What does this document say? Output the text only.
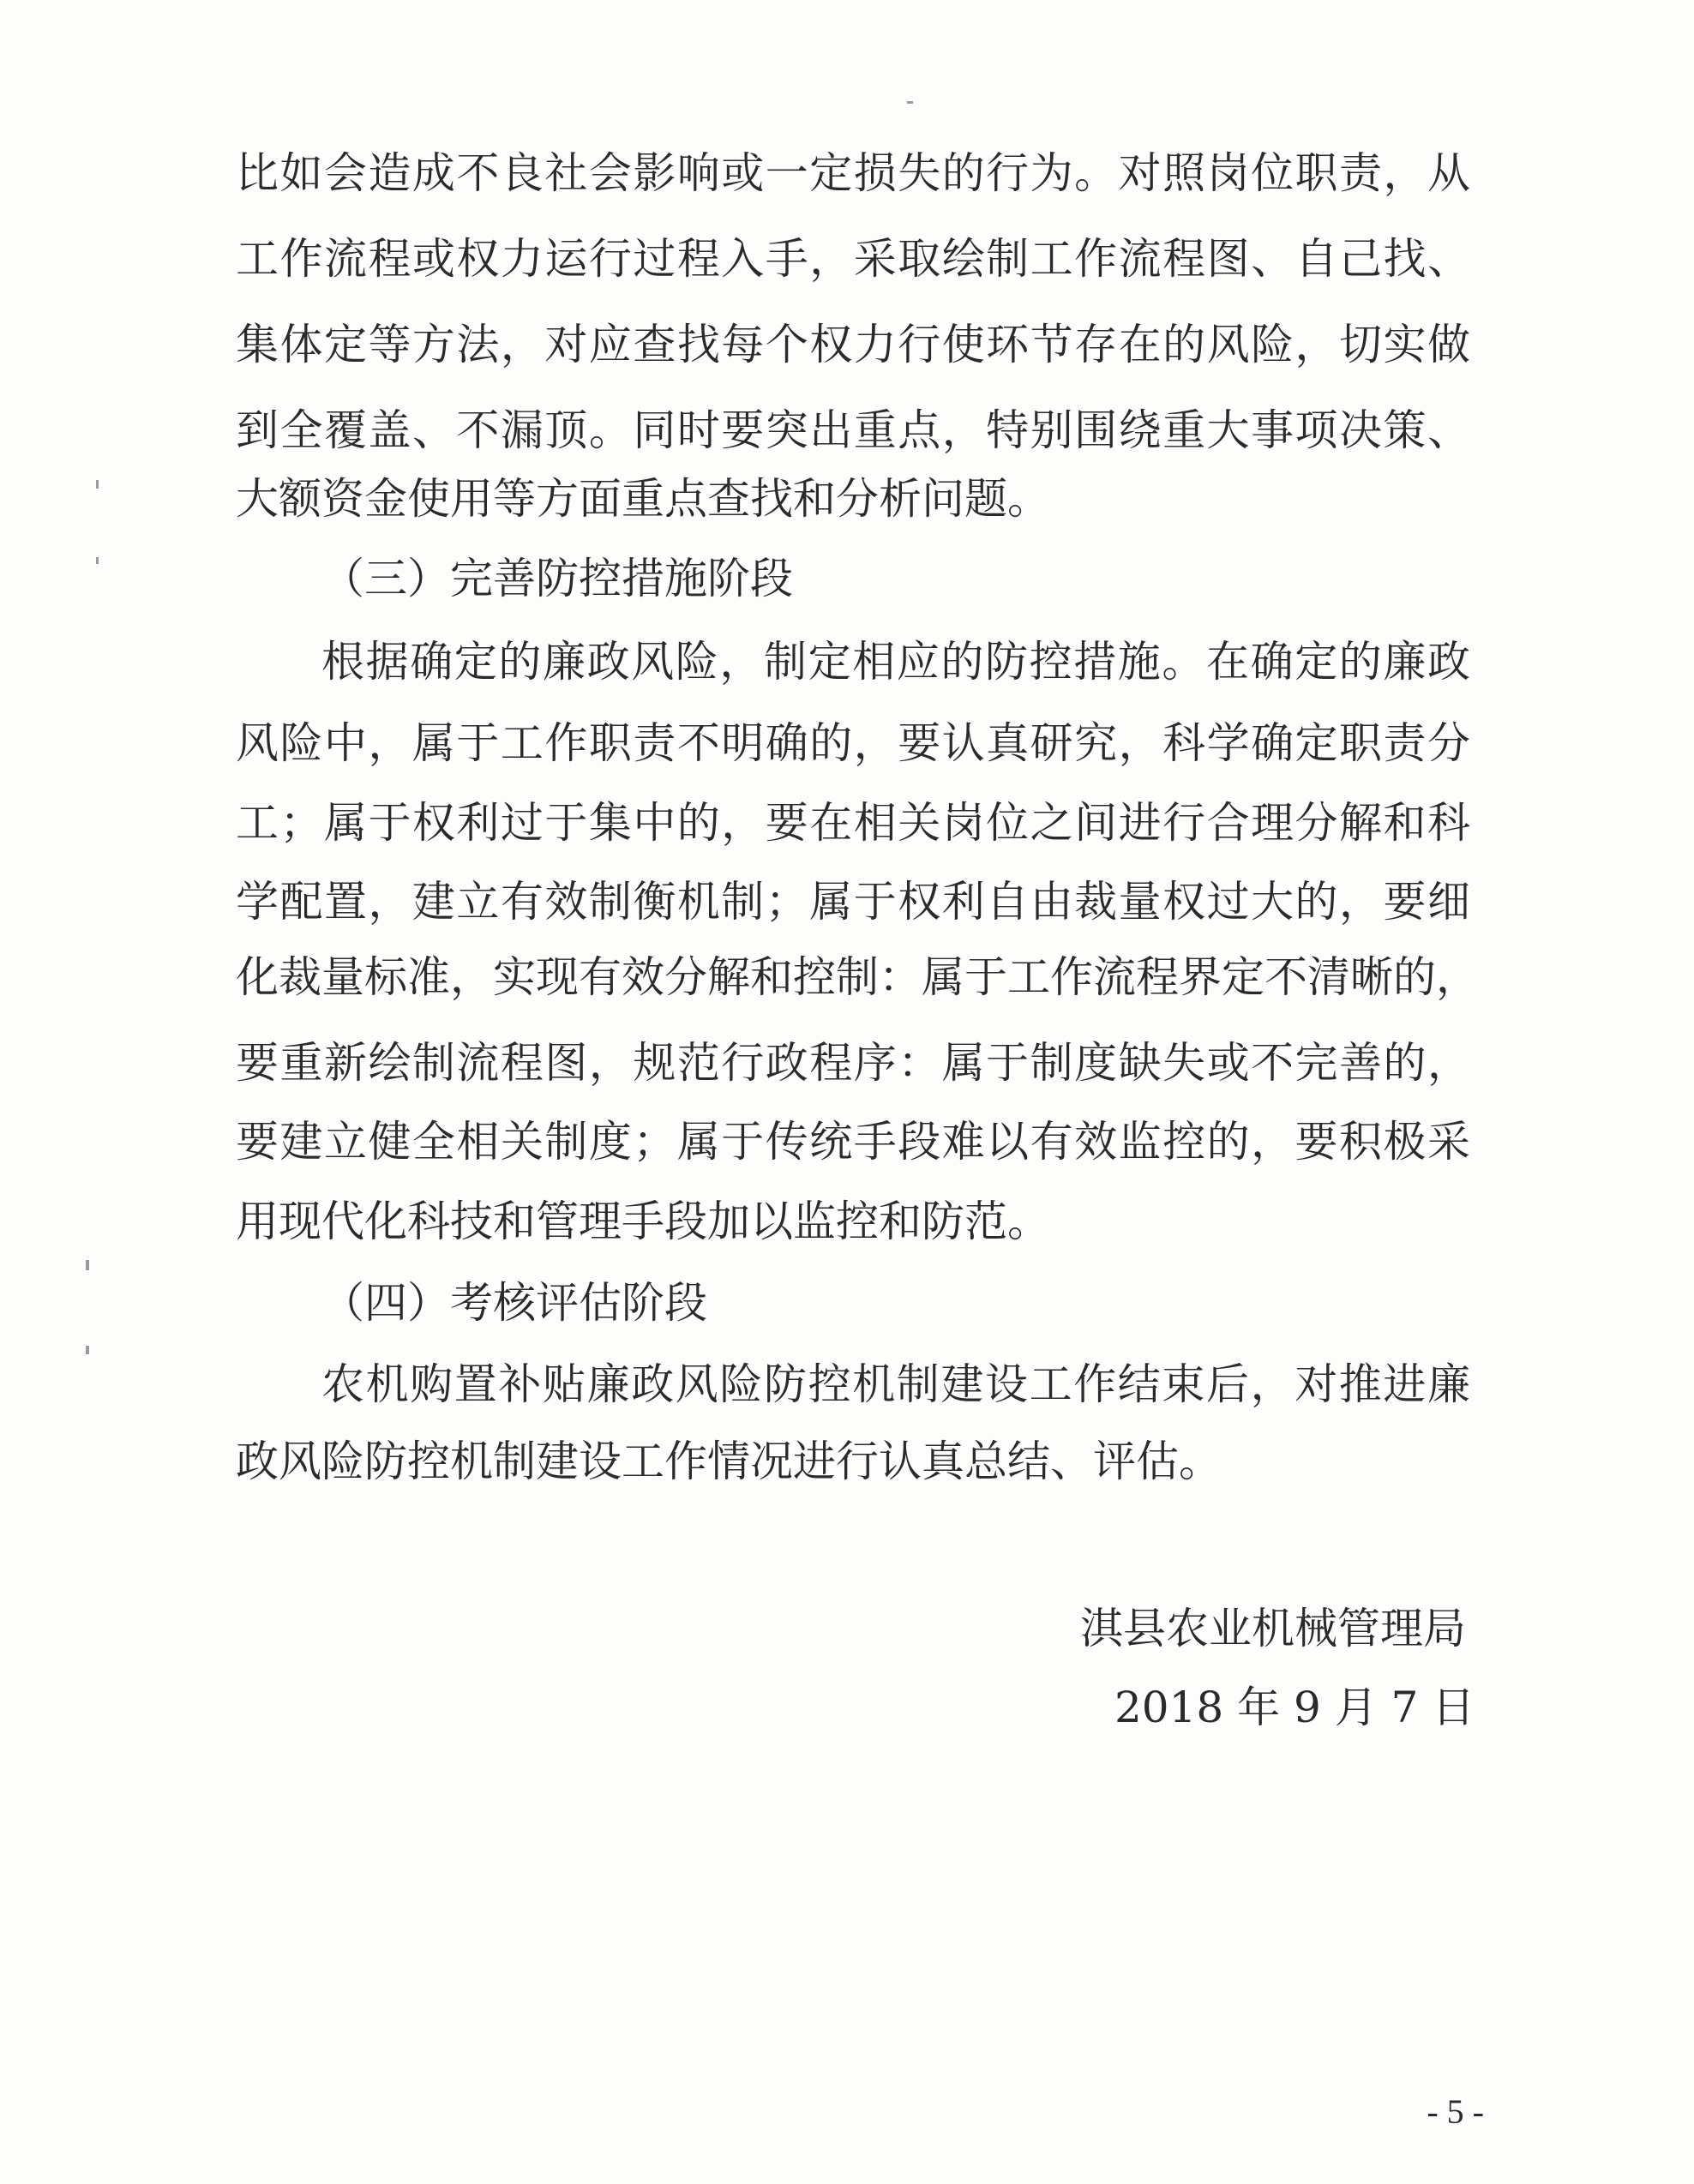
比如会造成不良社会影响或一定损失的行为。对照岗位职责，从
工作流程或权力运行过程入手，采取绘制工作流程图、自己找、
集体定等方法，对应查找每个权力行使环节存在的风险，切实做
到全覆盖、不漏顶。同时要突出重点，特别围绕重大事项决策、
大额资金使用等方面重点查找和分析问题。
（三）完善防控措施阶段
根据确定的廉政风险，制定相应的防控措施。在确定的廉政
风险中，属于工作职责不明确的，要认真研究，科学确定职责分
工；属于权利过于集中的，要在相关岗位之间进行合理分解和科
学配置，建立有效制衡机制；属于权利自由裁量权过大的，要细
化裁量标准，实现有效分解和控制：属于工作流程界定不清晰的，
要重新绘制流程图，规范行政程序：属于制度缺失或不完善的，
要建立健全相关制度；属于传统手段难以有效监控的，要积极采
用现代化科技和管理手段加以监控和防范。
（四）考核评估阶段
农机购置补贴廉政风险防控机制建设工作结束后，对推进廉
政风险防控机制建设工作情况进行认真总结、评估。
淇县农业机械管理局
2018 年 9 月 7 日
- 5 -
